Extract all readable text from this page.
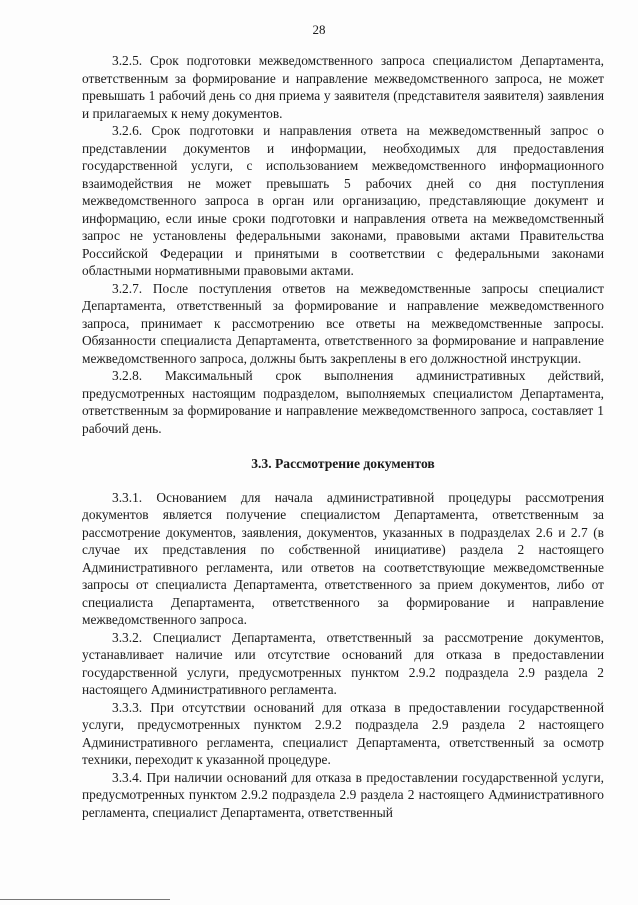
28

3.2.5. Срок подготовки межведомственного запроса специалистом Департамента, ответственным за формирование и направление межведомственного запроса, не может превышать 1 рабочий день со дня приема у заявителя (представителя заявителя) заявления и прилагаемых к нему документов.

3.2.6. Срок подготовки и направления ответа на межведомственный запрос о представлении документов и информации, необходимых для предоставления государственной услуги, с использованием межведомственного информационного взаимодействия не может превышать 5 рабочих дней со дня поступления межведомственного запроса в орган или организацию, представляющие документ и информацию, если иные сроки подготовки и направления ответа на межведомственный запрос не установлены федеральными законами, правовыми актами Правительства Российской Федерации и принятыми в соответствии с федеральными законами областными нормативными правовыми актами.

3.2.7. После поступления ответов на межведомственные запросы специалист Департамента, ответственный за формирование и направление межведомственного запроса, принимает к рассмотрению все ответы на межведомственные запросы. Обязанности специалиста Департамента, ответственного за формирование и направление межведомственного запроса, должны быть закреплены в его должностной инструкции.

3.2.8. Максимальный срок выполнения административных действий, предусмотренных настоящим подразделом, выполняемых специалистом Департамента, ответственным за формирование и направление межведомственного запроса, составляет 1 рабочий день.

3.3. Рассмотрение документов

3.3.1. Основанием для начала административной процедуры рассмотрения документов является получение специалистом Департамента, ответственным за рассмотрение документов, заявления, документов, указанных в подразделах 2.6 и 2.7 (в случае их представления по собственной инициативе) раздела 2 настоящего Административного регламента, или ответов на соответствующие межведомственные запросы от специалиста Департамента, ответственного за прием документов, либо от специалиста Департамента, ответственного за формирование и направление межведомственного запроса.

3.3.2. Специалист Департамента, ответственный за рассмотрение документов, устанавливает наличие или отсутствие оснований для отказа в предоставлении государственной услуги, предусмотренных пунктом 2.9.2 подраздела 2.9 раздела 2 настоящего Административного регламента.

3.3.3. При отсутствии оснований для отказа в предоставлении государственной услуги, предусмотренных пунктом 2.9.2 подраздела 2.9 раздела 2 настоящего Административного регламента, специалист Департамента, ответственный за осмотр техники, переходит к указанной процедуре.

3.3.4. При наличии оснований для отказа в предоставлении государственной услуги, предусмотренных пунктом 2.9.2 подраздела 2.9 раздела 2 настоящего Административного регламента, специалист Департамента, ответственный
